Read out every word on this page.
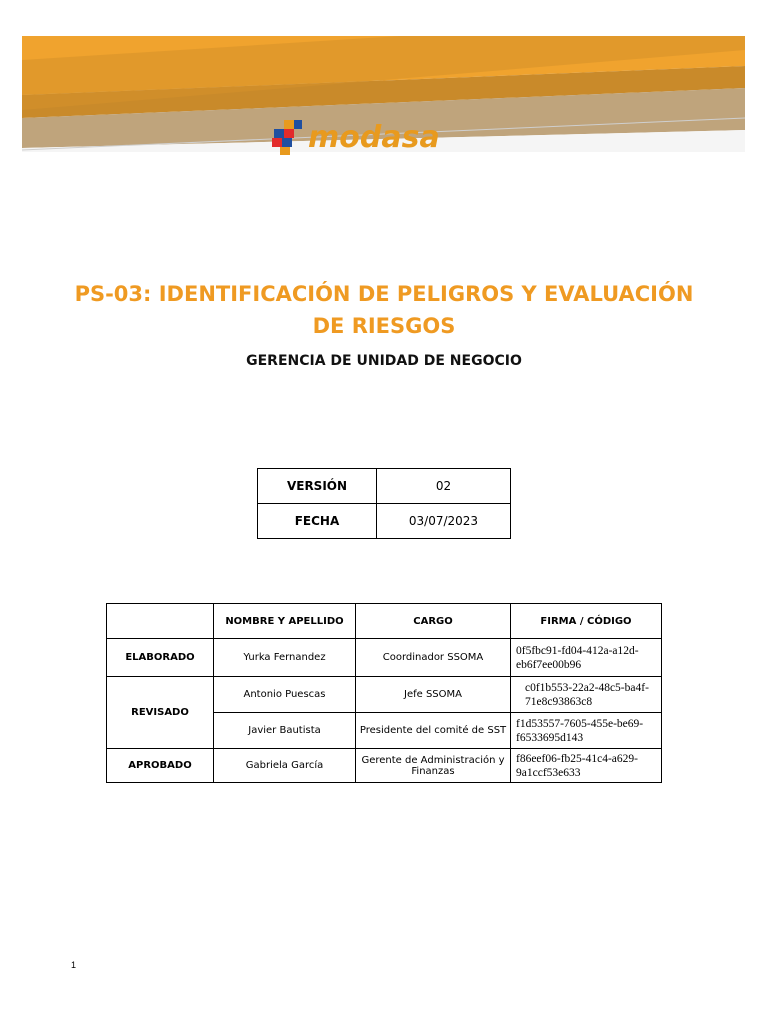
modasa
PS-03: IDENTIFICACIÓN DE PELIGROS Y EVALUACIÓN DE RIESGOS
GERENCIA DE UNIDAD DE NEGOCIO
VERSIÓN	02
FECHA	03/07/2023
	NOMBRE Y APELLIDO	CARGO	FIRMA / CÓDIGO
ELABORADO	Yurka Fernandez	Coordinador SSOMA	0f5fbc91-fd04-412a-a12d-eb6f7ee00b96
REVISADO	Antonio Puescas	Jefe SSOMA	c0f1b553-22a2-48c5-ba4f-71e8c93863c8
	Javier Bautista	Presidente del comité de SST	f1d53557-7605-455e-be69-f6533695d143
APROBADO	Gabriela García	Gerente de Administración y Finanzas	f86eef06-fb25-41c4-a629-9a1ccf53e633
1
